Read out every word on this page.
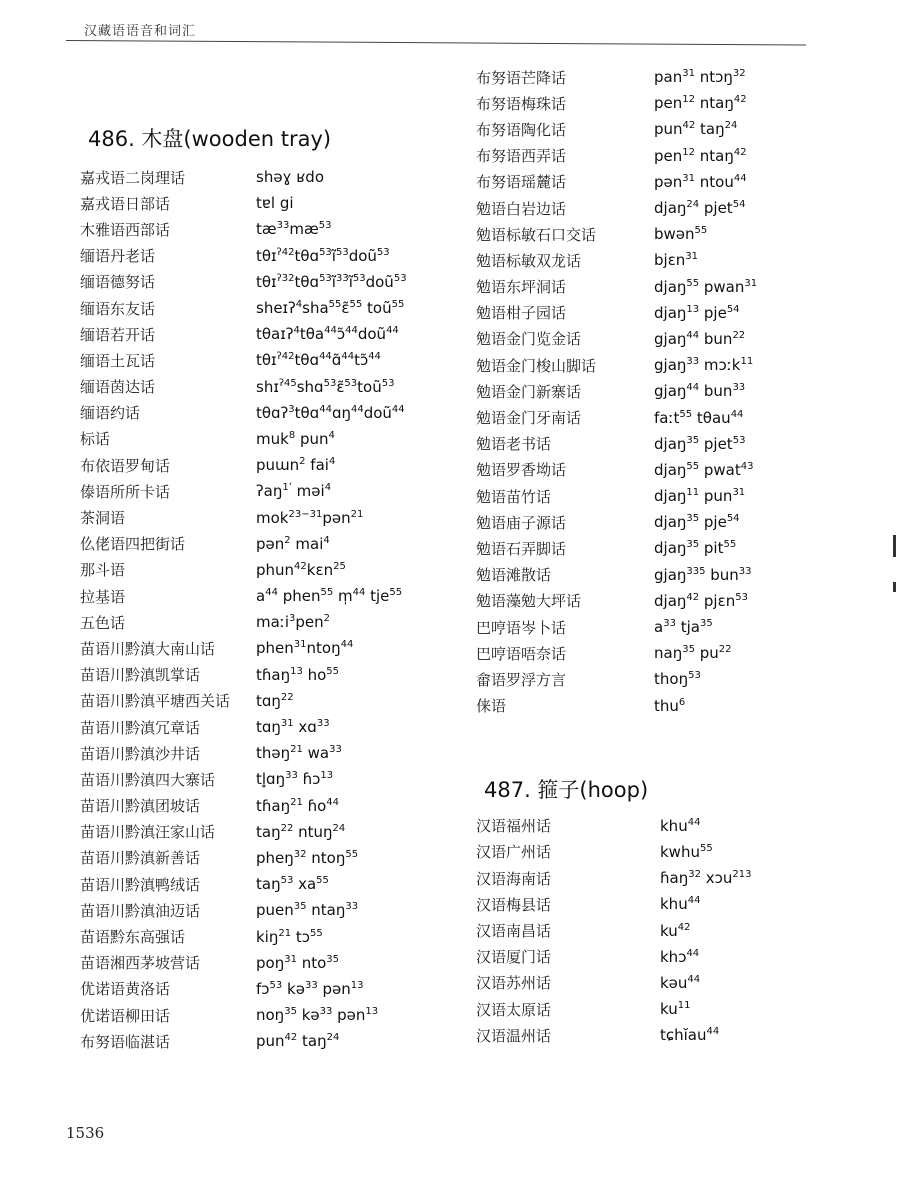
汉藏语语音和词汇
486. 木盘(wooden tray)
嘉戎语二岗理话	shəɣ ʁdo
嘉戎语日部话	tɐl gi
木雅语西部话	$tæ^{33}mæ^{53}$
缅语丹老话	$t\theta ɪ^{ʔ42}t\theta ɑ^{53}ĩ^{53}doũ^{53}$
缅语德努话	$t\theta ɪ^{ʔ32}t\theta ɑ^{53}ĩ^{33}ĩ^{53}doũ^{53}$
缅语东友话	sheɪʔ$^4$sha$^{55}$ɛ̃$^{55}$ toũ$^{55}$
缅语若开话	tθaɪʔ$^4$tθa$^{44}$ɔ̃$^{44}$doũ$^{44}$
缅语土瓦话	tθɪ$^{ʔ42}$tθɑ$^{44}$ɑ̃$^{44}$tɔ̃$^{44}$
缅语茵达话	shɪ$^{ʔ45}$shɑ$^{53}$ɛ̃$^{53}$toũ$^{53}$
缅语约话	tθɑʔ$^3$tθɑ$^{44}$ɑŋ$^{44}$doũ$^{44}$
标话	muk$^8$ pun$^4$
布依语罗甸话	puɯn$^2$ fai$^4$
傣语所所卡话	ʔaŋ$^{1ʼ}$ məi$^4$
茶洞语	mok$^{23-31}$pən$^{21}$
仫佬语四把街话	pən$^2$ mai$^4$
那斗语	phun$^{42}$kɛn$^{25}$
拉基语	$a^{44}$ phen$^{55}$ m̩$^{44}$ tje$^{55}$
五色话	maːi$^3$pen$^2$
苗语川黔滇大南山话	phen$^{31}$ntoŋ$^{44}$
苗语川黔滇凯掌话	tɦaŋ$^{13}$ $ho^{55}$
苗语川黔滇平塘西关话	tɑŋ$^{22}$
苗语川黔滇冗章话	tɑŋ$^{31}$ xɑ$^{33}$
苗语川黔滇沙井话	thəŋ$^{21}$ $wa^{33}$
苗语川黔滇四大寨话	tl̥ɑŋ$^{33}$ ɦɔ$^{13}$
苗语川黔滇团坡话	tɦaŋ$^{21}$ ɦo$^{44}$
苗语川黔滇汪家山话	taŋ$^{22}$ ntuŋ$^{24}$
苗语川黔滇新善话	pheŋ$^{32}$ ntoŋ$^{55}$
苗语川黔滇鸭绒话	taŋ$^{53}$ $xa^{55}$
苗语川黔滇油迈话	puen$^{35}$ ntaŋ$^{33}$
苗语黔东高强话	kiŋ$^{21}$ tɔ$^{55}$
苗语湘西茅坡营话	poŋ$^{31}$ nto$^{35}$
优诺语黄洛话	fɔ$^{53}$ kə$^{33}$ pən$^{13}$
优诺语柳田话	noŋ$^{35}$ kə$^{33}$ pən$^{13}$
布努语临湛话	pun$^{42}$ taŋ$^{24}$
布努语芒降话	pan$^{31}$ ntɔŋ$^{32}$
布努语梅珠话	pen$^{12}$ ntaŋ$^{42}$
布努语陶化话	pun$^{42}$ taŋ$^{24}$
布努语西弄话	pen$^{12}$ ntaŋ$^{42}$
布努语瑶麓话	pən$^{31}$ ntou$^{44}$
勉语白岩边话	djaŋ$^{24}$ pjet$^{54}$
勉语标敏石口交话	bwən$^{55}$
勉语标敏双龙话	bjɛn$^{31}$
勉语东坪洞话	djaŋ$^{55}$ pwan$^{31}$
勉语柑子园话	djaŋ$^{13}$ pje$^{54}$
勉语金门览金话	gjaŋ$^{44}$ bun$^{22}$
勉语金门梭山脚话	gjaŋ$^{33}$ mɔːk$^{11}$
勉语金门新寨话	gjaŋ$^{44}$ bun$^{33}$
勉语金门牙南话	faːt$^{55}$ tθau$^{44}$
勉语老书话	djaŋ$^{35}$ pjet$^{53}$
勉语罗香坳话	djaŋ$^{55}$ pwat$^{43}$
勉语苗竹话	djaŋ$^{11}$ pun$^{31}$
勉语庙子源话	djaŋ$^{35}$ pje$^{54}$
勉语石弄脚话	djaŋ$^{35}$ pit$^{55}$
勉语滩散话	gjaŋ$^{335}$ bun$^{33}$
勉语藻勉大坪话	djaŋ$^{42}$ pjɛn$^{53}$
巴哼语岑卜话	$a^{33}$ tja$^{35}$
巴哼语唔奈话	naŋ$^{35}$ $pu^{22}$
畲语罗浮方言	thoŋ$^{53}$
俫语	thu$^6$
487. 箍子(hoop)
汉语福州话	khu$^{44}$
汉语广州话	kwhu$^{55}$
汉语海南话	ɦaŋ$^{32}$ xɔu$^{213}$
汉语梅县话	khu$^{44}$
汉语南昌话	$ku^{42}$
汉语厦门话	khɔ$^{44}$
汉语苏州话	kəu$^{44}$
汉语太原话	$ku^{11}$
汉语温州话	tɕhĭau$^{44}$
1536
